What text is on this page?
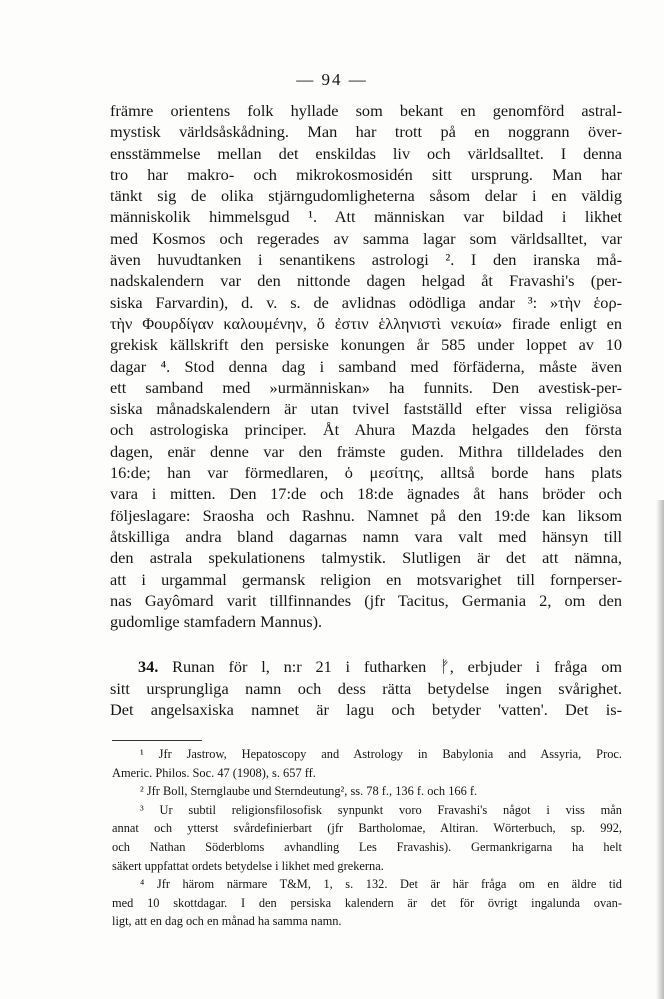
— 94 —
främre orientens folk hyllade som bekant en genomförd astral-
mystisk världsåskådning. Man har trott på en noggrann över-
ensstämmelse mellan det enskildas liv och världsalltet. I denna
tro har makro- och mikrokosmosidén sitt ursprung. Man har
tänkt sig de olika stjärngudomligheterna såsom delar i en väldig
människolik himmelsgud ¹. Att människan var bildad i likhet
med Kosmos och regerades av samma lagar som världsalltet, var
även huvudtanken i senantikens astrologi ². I den iranska må-
nadskalendern var den nittonde dagen helgad åt Fravashi's (per-
siska Farvardin), d. v. s. de avlidnas odödliga andar ³: »τὴν ἑορ-
τὴν Φουρδίγαν καλουμένην, ὅ ἐστιν ἑλληνιστὶ νεκυία» firade enligt en
grekisk källskrift den persiske konungen år 585 under loppet av 10
dagar ⁴. Stod denna dag i samband med förfäderna, måste även
ett samband med »urmänniskan» ha funnits. Den avestisk-per-
siska månadskalendern är utan tvivel fastställd efter vissa religiösa
och astrologiska principer. Åt Ahura Mazda helgades den första
dagen, enär denne var den främste guden. Mithra tilldelades den
16:de; han var förmedlaren, ὁ μεσίτης, alltså borde hans plats
vara i mitten. Den 17:de och 18:de ägnades åt hans bröder och
följeslagare: Sraosha och Rashnu. Namnet på den 19:de kan liksom
åtskilliga andra bland dagarnas namn vara valt med hänsyn till
den astrala spekulationens talmystik. Slutligen är det att nämna,
att i urgammal germansk religion en motsvarighet till fornperser-
nas Gayômard varit tillfinnandes (jfr Tacitus, Germania 2, om den
gudomlige stamfadern Mannus).
34. Runan för l, n:r 21 i futharken ᚠ, erbjuder i fråga om
sitt ursprungliga namn och dess rätta betydelse ingen svårighet.
Det angelsaxiska namnet är lagu och betyder 'vatten'. Det is-
¹ Jfr Jastrow, Hepatoscopy and Astrology in Babylonia and Assyria, Proc.
Americ. Philos. Soc. 47 (1908), s. 657 ff.
² Jfr Boll, Sternglaube und Sterndeutung², ss. 78 f., 136 f. och 166 f.
³ Ur subtil religionsfilosofisk synpunkt voro Fravashi's något i viss mån
annat och ytterst svårdefinierbart (jfr Bartholomae, Altiran. Wörterbuch, sp. 992,
och Nathan Söderbloms avhandling Les Fravashis). Germankrigarna ha helt
säkert uppfattat ordets betydelse i likhet med grekerna.
⁴ Jfr härom närmare T&M, 1, s. 132. Det är här fråga om en äldre tid
med 10 skottdagar. I den persiska kalendern är det för övrigt ingalunda ovan-
ligt, att en dag och en månad ha samma namn.
